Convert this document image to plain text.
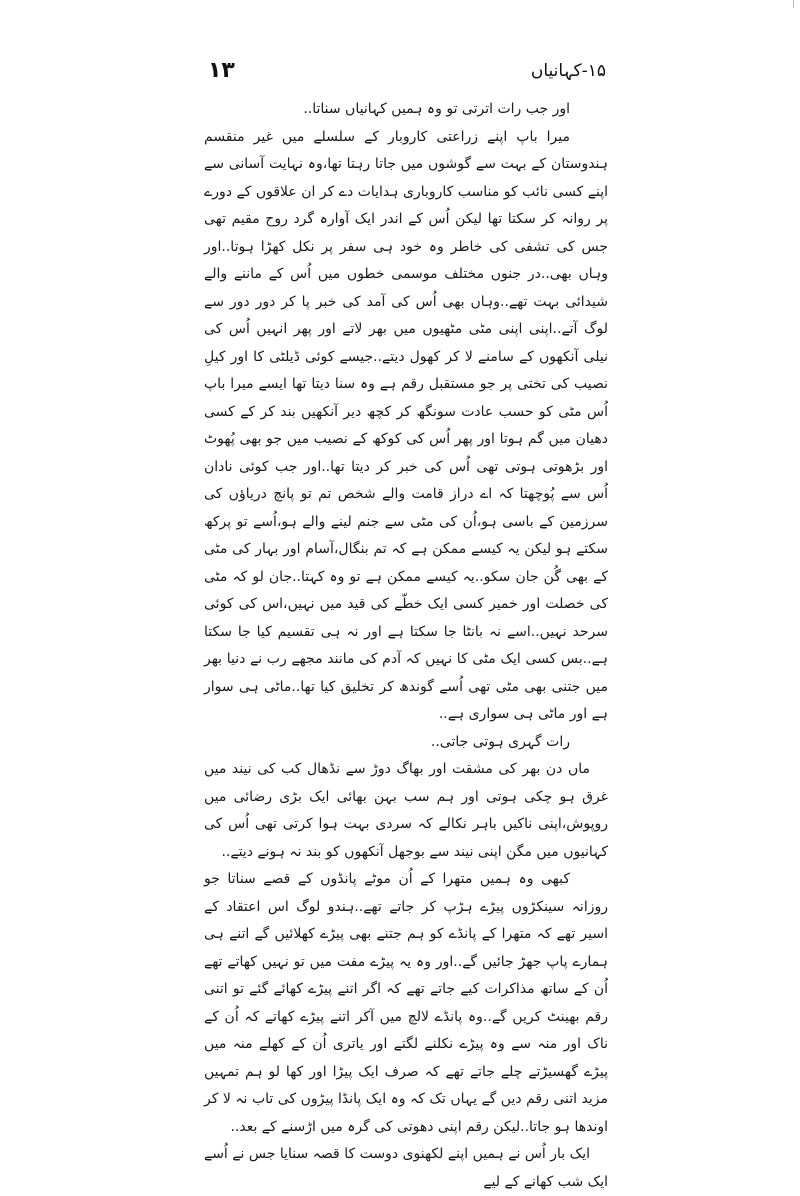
۱۳	۱۵-کہانیاں

اور جب رات اترتی تو وہ ہمیں کہانیاں سناتا..

میرا باپ اپنے زراعتی کاروبار کے سلسلے میں غیر منقسم ہندوستان کے بہت سے گوشوں میں جاتا رہتا تھا،وہ نہایت آسانی سے اپنے کسی نائب کو مناسب کاروباری ہدایات دے کر ان علاقوں کے دورے پر روانہ کر سکتا تھا لیکن اُس کے اندر ایک آوارہ گرد روح مقیم تھی جس کی تشفی کی خاطر وہ خود ہی سفر پر نکل کھڑا ہوتا..اور وہاں بھی..در جنوں مختلف موسمی خطوں میں اُس کے ماننے والے شیدائی بہت تھے..وہاں بھی اُس کی آمد کی خبر پا کر دور دور سے لوگ آتے..اپنی اپنی مٹی مٹھیوں میں بھر لاتے اور پھر انہیں اُس کی نیلی آنکھوں کے سامنے لا کر کھول دیتے..جیسے کوئی ڈیلٹی کا اور کیلِ نصیب کی تختی پر جو مستقبل رقم ہے وہ سنا دیتا تھا ایسے میرا باپ اُس مٹی کو حسب عادت سونگھ کر کچھ دیر آنکھیں بند کر کے کسی دھیان میں گم ہوتا اور پھر اُس کی کوکھ کے نصیب میں جو بھی پُھوٹ اور بڑھوتی ہوتی تھی اُس کی خبر کر دیتا تھا..اور جب کوئی نادان اُس سے پُوچھتا کہ اے دراز قامت والے شخص تم تو پانچ دریاؤں کی سرزمین کے باسی ہو،اُن کی مٹی سے جنم لینے والے ہو،اُسے تو پرکھ سکتے ہو لیکن یہ کیسے ممکن ہے کہ تم بنگال،آسام اور بہار کی مٹی کے بھی گُن جان سکو..یہ کیسے ممکن ہے تو وہ کہتا..جان لو کہ مٹی کی خصلت اور خمیر کسی ایک خطّے کی قید میں نہیں،اس کی کوئی سرحد نہیں..اسے نہ بانٹا جا سکتا ہے اور نہ ہی تقسیم کیا جا سکتا ہے..بس کسی ایک مٹی کا نہیں کہ آدم کی مانند مجھے رب نے دنیا بھر میں جتنی بھی مٹی تھی اُسے گوندھ کر تخلیق کیا تھا..ماٹی ہی سوار ہے اور ماٹی ہی سواری ہے..

رات گہری ہوتی جاتی..

ماں دن بھر کی مشقت اور بھاگ دوڑ سے نڈھال کب کی نیند میں غرق ہو چکی ہوتی اور ہم سب بہن بھائی ایک بڑی رضائی میں روپوش،اپنی ناکیں باہر نکالے کہ سردی بہت ہوا کرتی تھی اُس کی کہانیوں میں مگن اپنی نیند سے بوجھل آنکھوں کو بند نہ ہونے دیتے..

کبھی وہ ہمیں متھرا کے اُن موٹے پانڈوں کے قصے سناتا جو روزانہ سینکڑوں پیڑے ہڑپ کر جاتے تھے..ہندو لوگ اس اعتقاد کے اسیر تھے کہ متھرا کے پانڈے کو ہم جتنے بھی پیڑے کھلائیں گے اتنے ہی ہمارے پاپ جھڑ جائیں گے..اور وہ یہ پیڑے مفت میں تو نہیں کھاتے تھے اُن کے ساتھ مذاکرات کیے جاتے تھے کہ اگر اتنے پیڑے کھائے گئے تو اتنی رقم بھینٹ کریں گے..وہ پانڈے لالچ میں آکر اتنے پیڑے کھاتے کہ اُن کے ناک اور منہ سے وہ پیڑے نکلنے لگتے اور یاتری اُن کے کھلے منہ میں پیڑے گھسیڑتے چلے جاتے تھے کہ صرف ایک پیڑا اور کھا لو ہم تمہیں مزید اتنی رقم دیں گے یہاں تک کہ وہ ایک پانڈا پیڑوں کی تاب نہ لا کر اوندھا ہو جاتا..لیکن رقم اپنی دھوتی کی گرہ میں اڑسنے کے بعد..

ایک بار اُس نے ہمیں اپنے لکھنوی دوست کا قصہ سنایا جس نے اُسے ایک شب کھانے کے لیے
